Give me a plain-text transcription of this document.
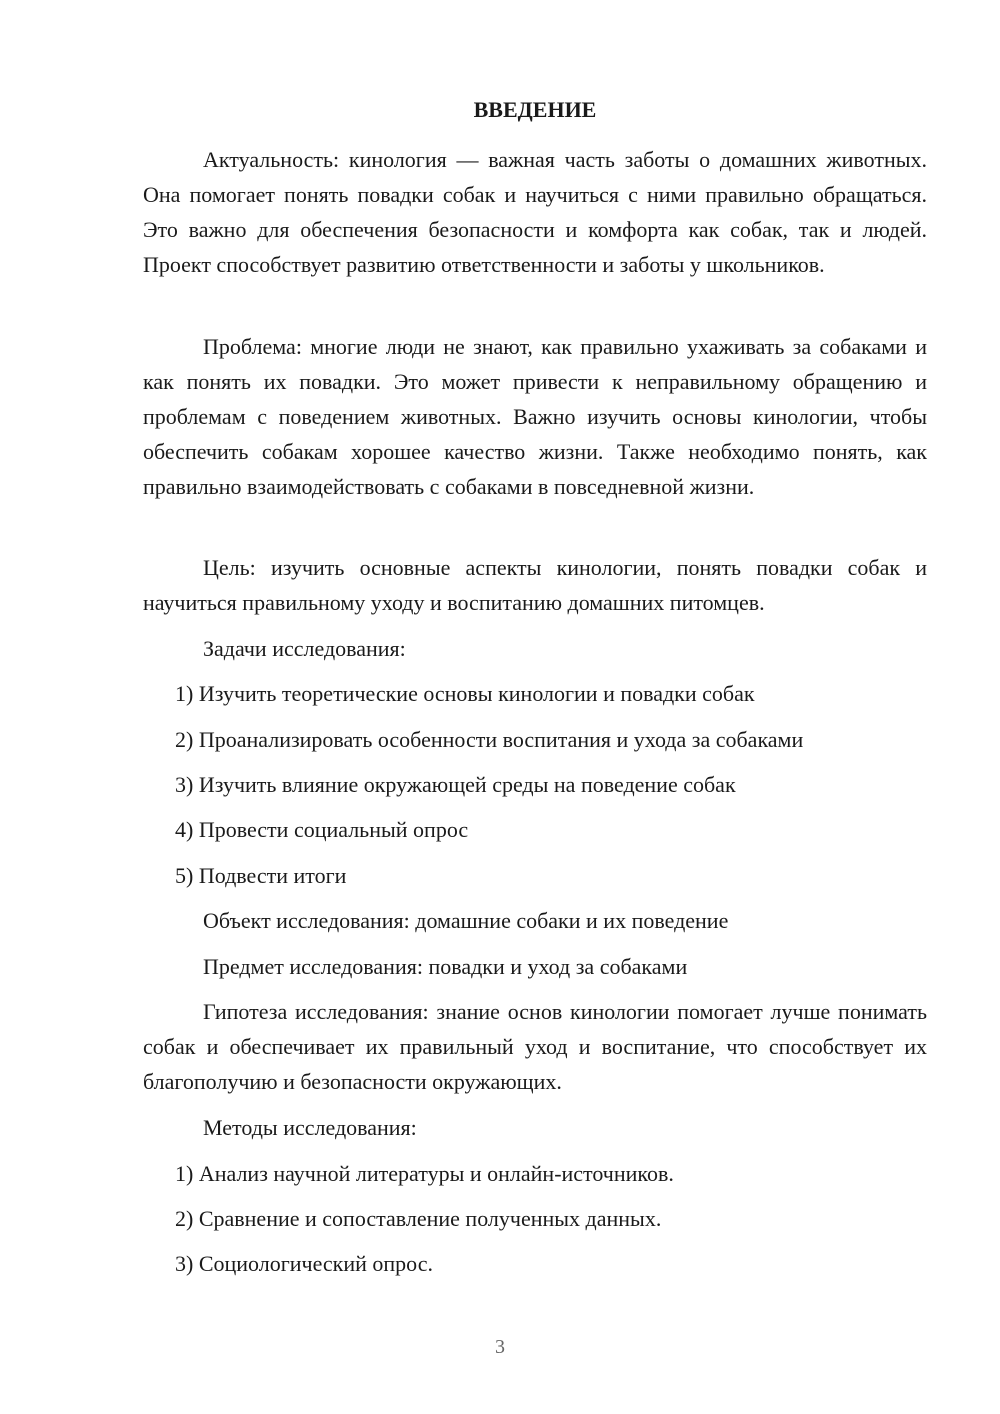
ВВЕДЕНИЕ

Актуальность: кинология — важная часть заботы о домашних животных. Она помогает понять повадки собак и научиться с ними правильно обращаться. Это важно для обеспечения безопасности и комфорта как собак, так и людей. Проект способствует развитию ответственности и заботы у школьников.

Проблема: многие люди не знают, как правильно ухаживать за собаками и как понять их повадки. Это может привести к неправильному обращению и проблемам с поведением животных. Важно изучить основы кинологии, чтобы обеспечить собакам хорошее качество жизни. Также необходимо понять, как правильно взаимодействовать с собаками в повседневной жизни.

Цель: изучить основные аспекты кинологии, понять повадки собак и научиться правильному уходу и воспитанию домашних питомцев.

Задачи исследования:

1) Изучить теоретические основы кинологии и повадки собак

2) Проанализировать особенности воспитания и ухода за собаками

3) Изучить влияние окружающей среды на поведение собак

4) Провести социальный опрос

5) Подвести итоги

Объект исследования: домашние собаки и их поведение

Предмет исследования: повадки и уход за собаками

Гипотеза исследования: знание основ кинологии помогает лучше понимать собак и обеспечивает их правильный уход и воспитание, что способствует их благополучию и безопасности окружающих.

Методы исследования:

1) Анализ научной литературы и онлайн-источников.

2) Сравнение и сопоставление полученных данных.

3) Социологический опрос.

3
